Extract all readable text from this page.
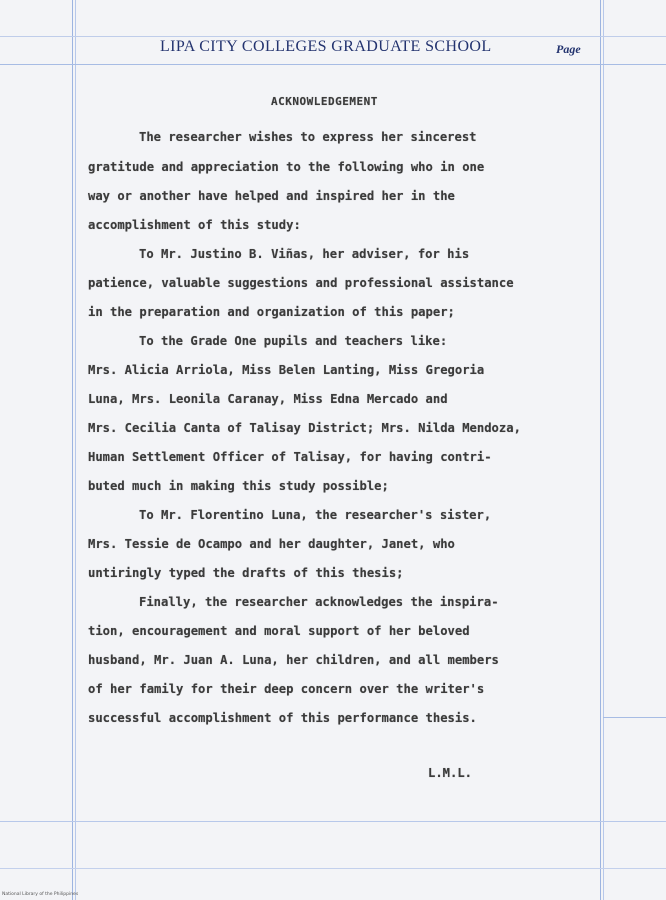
LIPA CITY COLLEGES GRADUATE SCHOOL	Page
ACKNOWLEDGEMENT
The researcher wishes to express her sincerest
gratitude and appreciation to the following who in one
way or another have helped and inspired her in the
accomplishment of this study:
To Mr. Justino B. Viñas, her adviser, for his
patience, valuable suggestions and professional assistance
in the preparation and organization of this paper;
To the Grade One pupils and teachers like:
Mrs. Alicia Arriola, Miss Belen Lanting, Miss Gregoria
Luna, Mrs. Leonila Caranay, Miss Edna Mercado and
Mrs. Cecilia Canta of Talisay District; Mrs. Nilda Mendoza,
Human Settlement Officer of Talisay, for having contri-
buted much in making this study possible;
To Mr. Florentino Luna, the researcher's sister,
Mrs. Tessie de Ocampo and her daughter, Janet, who
untiringly typed the drafts of this thesis;
Finally, the researcher acknowledges the inspira-
tion, encouragement and moral support of her beloved
husband, Mr. Juan A. Luna, her children, and all members
of her family for their deep concern over the writer's
successful accomplishment of this performance thesis.
L.M.L.
National Library of the Philippines
